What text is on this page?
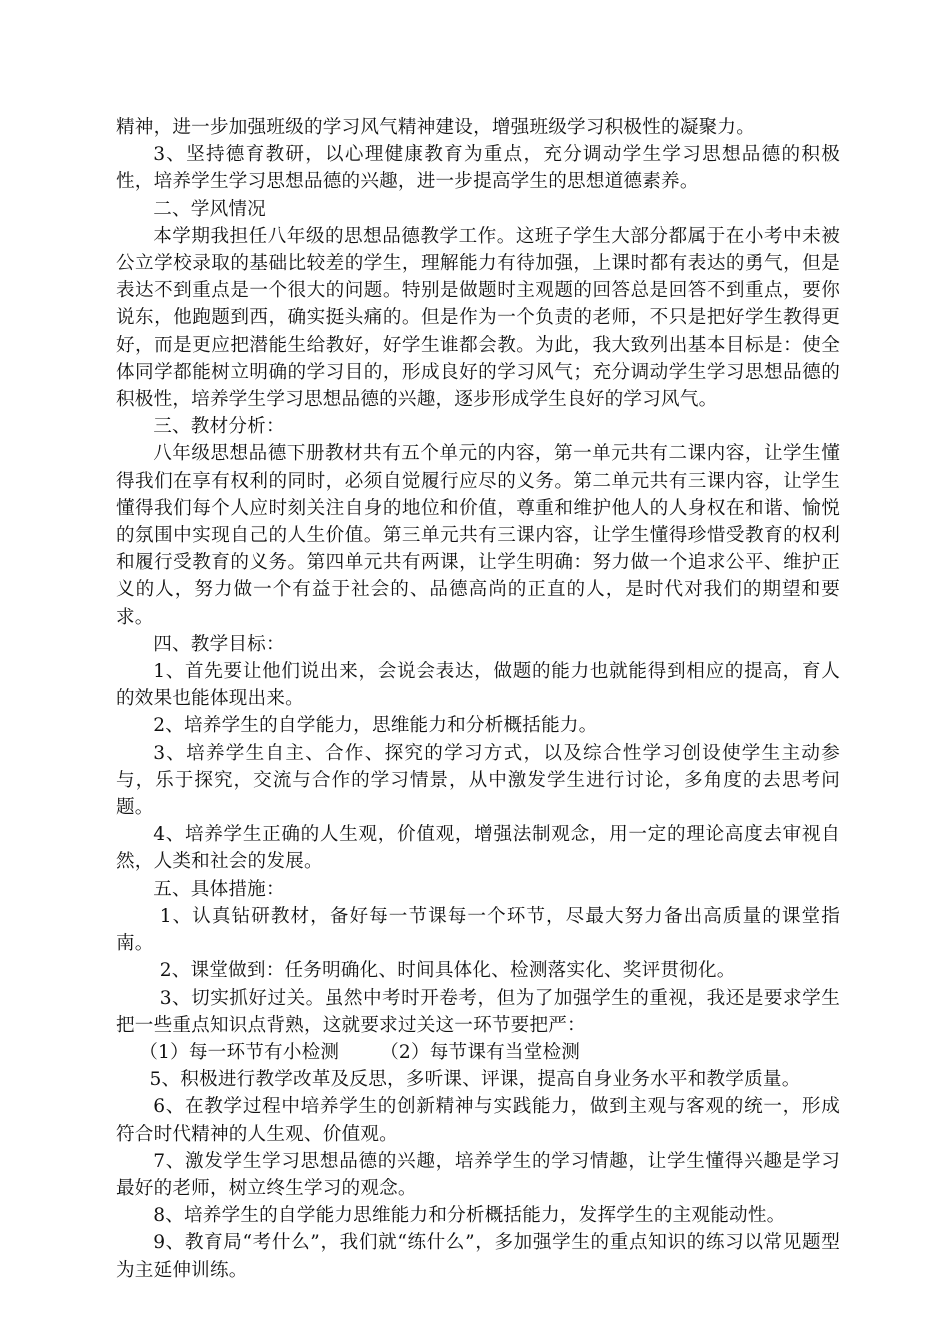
精神，进一步加强班级的学习风气精神建设，增强班级学习积极性的凝聚力。

3、坚持德育教研，以心理健康教育为重点，充分调动学生学习思想品德的积极性，培养学生学习思想品德的兴趣，进一步提高学生的思想道德素养。

二、学风情况

本学期我担任八年级的思想品德教学工作。这班子学生大部分都属于在小考中未被公立学校录取的基础比较差的学生，理解能力有待加强，上课时都有表达的勇气，但是表达不到重点是一个很大的问题。特别是做题时主观题的回答总是回答不到重点，要你说东，他跑题到西，确实挺头痛的。但是作为一个负责的老师，不只是把好学生教得更好，而是更应把潜能生给教好，好学生谁都会教。为此，我大致列出基本目标是：使全体同学都能树立明确的学习目的，形成良好的学习风气；充分调动学生学习思想品德的积极性，培养学生学习思想品德的兴趣，逐步形成学生良好的学习风气。

三、教材分析：

八年级思想品德下册教材共有五个单元的内容，第一单元共有二课内容，让学生懂得我们在享有权利的同时，必须自觉履行应尽的义务。第二单元共有三课内容，让学生懂得我们每个人应时刻关注自身的地位和价值，尊重和维护他人的人身权在和谐、愉悦的氛围中实现自己的人生价值。第三单元共有三课内容，让学生懂得珍惜受教育的权利和履行受教育的义务。第四单元共有两课，让学生明确：努力做一个追求公平、维护正义的人，努力做一个有益于社会的、品德高尚的正直的人，是时代对我们的期望和要求。

四、教学目标：

1、首先要让他们说出来，会说会表达，做题的能力也就能得到相应的提高，育人的效果也能体现出来。

2、培养学生的自学能力，思维能力和分析概括能力。

3、培养学生自主、合作、探究的学习方式，以及综合性学习创设使学生主动参与，乐于探究，交流与合作的学习情景，从中激发学生进行讨论，多角度的去思考问题。

4、培养学生正确的人生观，价值观，增强法制观念，用一定的理论高度去审视自然，人类和社会的发展。

五、具体措施：

1、认真钻研教材，备好每一节课每一个环节，尽最大努力备出高质量的课堂指南。

2、课堂做到：任务明确化、时间具体化、检测落实化、奖评贯彻化。

3、切实抓好过关。虽然中考时开卷考，但为了加强学生的重视，我还是要求学生把一些重点知识点背熟，这就要求过关这一环节要把严：

（1）每一环节有小检测 （2）每节课有当堂检测

5、积极进行教学改革及反思，多听课、评课，提高自身业务水平和教学质量。

6、在教学过程中培养学生的创新精神与实践能力，做到主观与客观的统一，形成符合时代精神的人生观、价值观。

7、激发学生学习思想品德的兴趣，培养学生的学习情趣，让学生懂得兴趣是学习最好的老师，树立终生学习的观念。

8、培养学生的自学能力思维能力和分析概括能力，发挥学生的主观能动性。

9、教育局“考什么”，我们就“练什么”，多加强学生的重点知识的练习以常见题型为主延伸训练。
